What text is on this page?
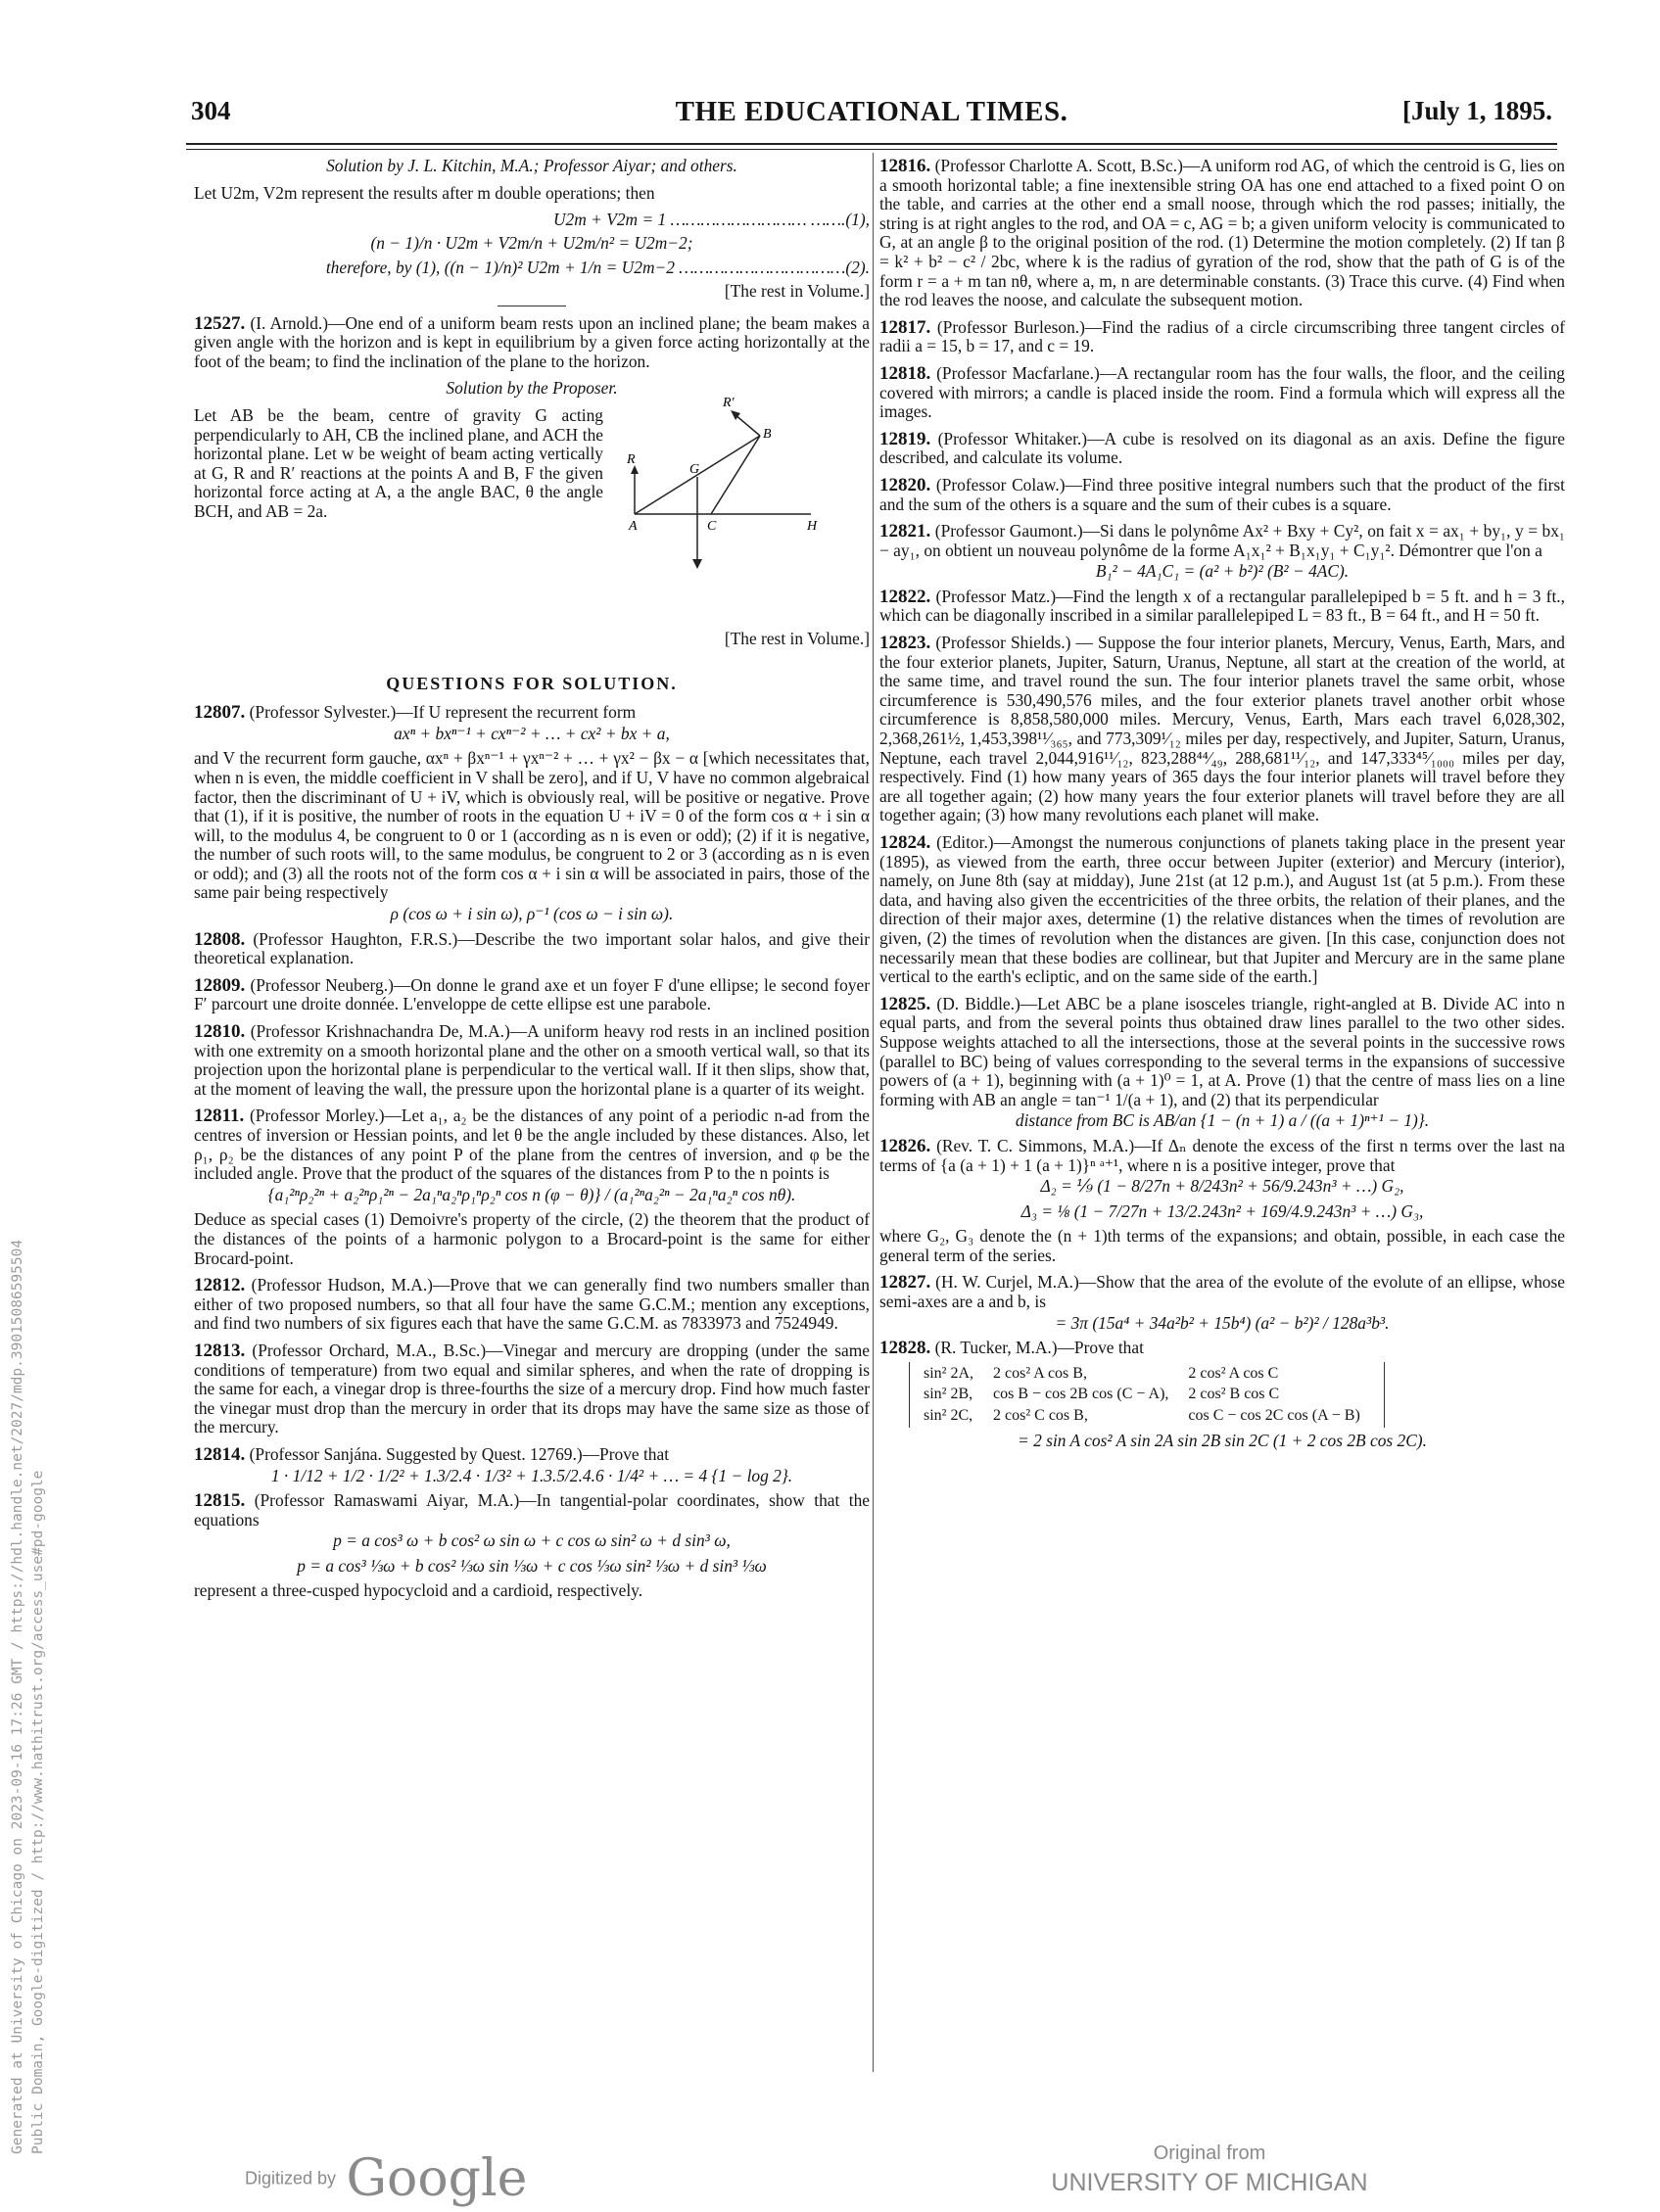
304	THE EDUCATIONAL TIMES.	[July 1, 1895.

Solution by J. L. Kitchin, M.A.; Professor Aiyar; and others.

Let U2m, V2m represent the results after m double operations; then

U2m + V2m = 1 ……………………… …….(1),
(n − 1)/n · U2m + V2m/n + U2m/n² = U2m−2;
therefore, by (1), ((n − 1)/n)² U2m + 1/n = U2m−2 ……………………………(2).
[The rest in Volume.]

12527. (I. Arnold.)—One end of a uniform beam rests upon an inclined plane; the beam makes a given angle with the horizon and is kept in equilibrium by a given force acting horizontally at the foot of the beam; to find the inclination of the plane to the horizon.

Solution by the Proposer.

Let AB be the beam, centre of gravity G acting perpendicularly to AH, CB the inclined plane, and ACH the horizontal plane. Let w be weight of beam acting vertically at G, R and R′ reactions at the points A and B, F the given horizontal force acting at A, a the angle BAC, θ the angle BCH, and AB = 2a.
A
B
C
G
H
R
R′
[The rest in Volume.]
QUESTIONS FOR SOLUTION.

12807. (Professor Sylvester.)—If U represent the recurrent form

axⁿ + bxⁿ⁻¹ + cxⁿ⁻² + … + cx² + bx + a,

and V the recurrent form gauche, αxⁿ + βxⁿ⁻¹ + γxⁿ⁻² + … + γx² − βx − α [which necessitates that, when n is even, the middle coefficient in V shall be zero], and if U, V have no common algebraical factor, then the discriminant of U + iV, which is obviously real, will be positive or negative. Prove that (1), if it is positive, the number of roots in the equation U + iV = 0 of the form cos α + i sin α will, to the modulus 4, be congruent to 0 or 1 (according as n is even or odd); (2) if it is negative, the number of such roots will, to the same modulus, be congruent to 2 or 3 (according as n is even or odd); and (3) all the roots not of the form cos α + i sin α will be associated in pairs, those of the same pair being respectively

ρ (cos ω + i sin ω), ρ⁻¹ (cos ω − i sin ω).

12808. (Professor Haughton, F.R.S.)—Describe the two important solar halos, and give their theoretical explanation.

12809. (Professor Neuberg.)—On donne le grand axe et un foyer F d'une ellipse; le second foyer F′ parcourt une droite donnée. L'enveloppe de cette ellipse est une parabole.

12810. (Professor Krishnachandra De, M.A.)—A uniform heavy rod rests in an inclined position with one extremity on a smooth horizontal plane and the other on a smooth vertical wall, so that its projection upon the horizontal plane is perpendicular to the vertical wall. If it then slips, show that, at the moment of leaving the wall, the pressure upon the horizontal plane is a quarter of its weight.

12811. (Professor Morley.)—Let a₁, a₂ be the distances of any point of a periodic n-ad from the centres of inversion or Hessian points, and let θ be the angle included by these distances. Also, let ρ₁, ρ₂ be the distances of any point P of the plane from the centres of inversion, and φ be the included angle. Prove that the product of the squares of the distances from P to the n points is

{a₁²ⁿρ₂²ⁿ + a₂²ⁿρ₁²ⁿ − 2a₁ⁿa₂ⁿρ₁ⁿρ₂ⁿ cos n (φ − θ)} / (a₁²ⁿa₂²ⁿ − 2a₁ⁿa₂ⁿ cos nθ).

Deduce as special cases (1) Demoivre's property of the circle, (2) the theorem that the product of the distances of the points of a harmonic polygon to a Brocard-point is the same for either Brocard-point.

12812. (Professor Hudson, M.A.)—Prove that we can generally find two numbers smaller than either of two proposed numbers, so that all four have the same G.C.M.; mention any exceptions, and find two numbers of six figures each that have the same G.C.M. as 7833973 and 7524949.

12813. (Professor Orchard, M.A., B.Sc.)—Vinegar and mercury are dropping (under the same conditions of temperature) from two equal and similar spheres, and when the rate of dropping is the same for each, a vinegar drop is three-fourths the size of a mercury drop. Find how much faster the vinegar must drop than the mercury in order that its drops may have the same size as those of the mercury.

12814. (Professor Sanjána. Suggested by Quest. 12769.)—Prove that

1 · 1/12 + 1/2 · 1/2² + 1.3/2.4 · 1/3² + 1.3.5/2.4.6 · 1/4² + … = 4 {1 − log 2}.

12815. (Professor Ramaswami Aiyar, M.A.)—In tangential-polar coordinates, show that the equations

p = a cos³ ω + b cos² ω sin ω + c cos ω sin² ω + d sin³ ω,
p = a cos³ ⅓ω + b cos² ⅓ω sin ⅓ω + c cos ⅓ω sin² ⅓ω + d sin³ ⅓ω

represent a three-cusped hypocycloid and a cardioid, respectively.

12816. (Professor Charlotte A. Scott, B.Sc.)—A uniform rod AG, of which the centroid is G, lies on a smooth horizontal table; a fine inextensible string OA has one end attached to a fixed point O on the table, and carries at the other end a small noose, through which the rod passes; initially, the string is at right angles to the rod, and OA = c, AG = b; a given uniform velocity is communicated to G, at an angle β to the original position of the rod. (1) Determine the motion completely. (2) If tan β = k² + b² − c² / 2bc, where k is the radius of gyration of the rod, show that the path of G is of the form r = a + m tan nθ, where a, m, n are determinable constants. (3) Trace this curve. (4) Find when the rod leaves the noose, and calculate the subsequent motion.

12817. (Professor Burleson.)—Find the radius of a circle circumscribing three tangent circles of radii a = 15, b = 17, and c = 19.

12818. (Professor Macfarlane.)—A rectangular room has the four walls, the floor, and the ceiling covered with mirrors; a candle is placed inside the room. Find a formula which will express all the images.

12819. (Professor Whitaker.)—A cube is resolved on its diagonal as an axis. Define the figure described, and calculate its volume.

12820. (Professor Colaw.)—Find three positive integral numbers such that the product of the first and the sum of the others is a square and the sum of their cubes is a square.

12821. (Professor Gaumont.)—Si dans le polynôme Ax² + Bxy + Cy², on fait x = ax₁ + by₁, y = bx₁ − ay₁, on obtient un nouveau polynôme de la forme A₁x₁² + B₁x₁y₁ + C₁y₁². Démontrer que l'on a

B₁² − 4A₁C₁ = (a² + b²)² (B² − 4AC).

12822. (Professor Matz.)—Find the length x of a rectangular parallelepiped b = 5 ft. and h = 3 ft., which can be diagonally inscribed in a similar parallelepiped L = 83 ft., B = 64 ft., and H = 50 ft.

12823. (Professor Shields.) — Suppose the four interior planets, Mercury, Venus, Earth, Mars, and the four exterior planets, Jupiter, Saturn, Uranus, Neptune, all start at the creation of the world, at the same time, and travel round the sun. The four interior planets travel the same orbit, whose circumference is 530,490,576 miles, and the four exterior planets travel another orbit whose circumference is 8,858,580,000 miles. Mercury, Venus, Earth, Mars each travel 6,028,302, 2,368,261½, 1,453,398¹¹⁄₃₆₅, and 773,309¹⁄₁₂ miles per day, respectively, and Jupiter, Saturn, Uranus, Neptune, each travel 2,044,916¹¹⁄₁₂, 823,288⁴⁴⁄₄₉, 288,681¹¹⁄₁₂, and 147,333⁴⁵⁄₁₀₀₀ miles per day, respectively. Find (1) how many years of 365 days the four interior planets will travel before they are all together again; (2) how many years the four exterior planets will travel before they are all together again; (3) how many revolutions each planet will make.

12824. (Editor.)—Amongst the numerous conjunctions of planets taking place in the present year (1895), as viewed from the earth, three occur between Jupiter (exterior) and Mercury (interior), namely, on June 8th (say at midday), June 21st (at 12 p.m.), and August 1st (at 5 p.m.). From these data, and having also given the eccentricities of the three orbits, the relation of their planes, and the direction of their major axes, determine (1) the relative distances when the times of revolution are given, (2) the times of revolution when the distances are given. [In this case, conjunction does not necessarily mean that these bodies are collinear, but that Jupiter and Mercury are in the same plane vertical to the earth's ecliptic, and on the same side of the earth.]

12825. (D. Biddle.)—Let ABC be a plane isosceles triangle, right-angled at B. Divide AC into n equal parts, and from the several points thus obtained draw lines parallel to the two other sides. Suppose weights attached to all the intersections, those at the several points in the successive rows (parallel to BC) being of values corresponding to the several terms in the expansions of successive powers of (a + 1), beginning with (a + 1)⁰ = 1, at A. Prove (1) that the centre of mass lies on a line forming with AB an angle = tan⁻¹ 1/(a + 1), and (2) that its perpendicular

distance from BC is AB/an {1 − (n + 1) a / ((a + 1)ⁿ⁺¹ − 1)}.

12826. (Rev. T. C. Simmons, M.A.)—If Δₙ denote the excess of the first n terms over the last na terms of {a (a + 1) + 1 (a + 1)}ⁿ ᵃ⁺¹, where n is a positive integer, prove that

Δ₂ = ⅑ (1 − 8/27n + 8/243n² + 56/9.243n³ + …) G₂,
Δ₃ = ⅛ (1 − 7/27n + 13/2.243n² + 169/4.9.243n³ + …) G₃,

where G₂, G₃ denote the (n + 1)th terms of the expansions; and obtain, possible, in each case the general term of the series.

12827. (H. W. Curjel, M.A.)—Show that the area of the evolute of the evolute of an ellipse, whose semi-axes are a and b, is

= 3π (15a⁴ + 34a²b² + 15b⁴) (a² − b²)² / 128a³b³.

12828. (R. Tucker, M.A.)—Prove that

sin² 2A,	2 cos² A cos B,	2 cos² A cos C
sin² 2B,	cos B − cos 2B cos (C − A),	2 cos² B cos C
sin² 2C,	2 cos² C cos B,	cos C − cos 2C cos (A − B)
= 2 sin A cos² A sin 2A sin 2B sin 2C (1 + 2 cos 2B cos 2C).
Generated at University of Chicago on 2023-09-16 17:26 GMT / https://hdl.handle.net/2027/mdp.39015086595504 Public Domain, Google-digitized / http://www.hathitrust.org/access_use#pd-google
Digitized by Google	Original from
UNIVERSITY OF MICHIGAN
